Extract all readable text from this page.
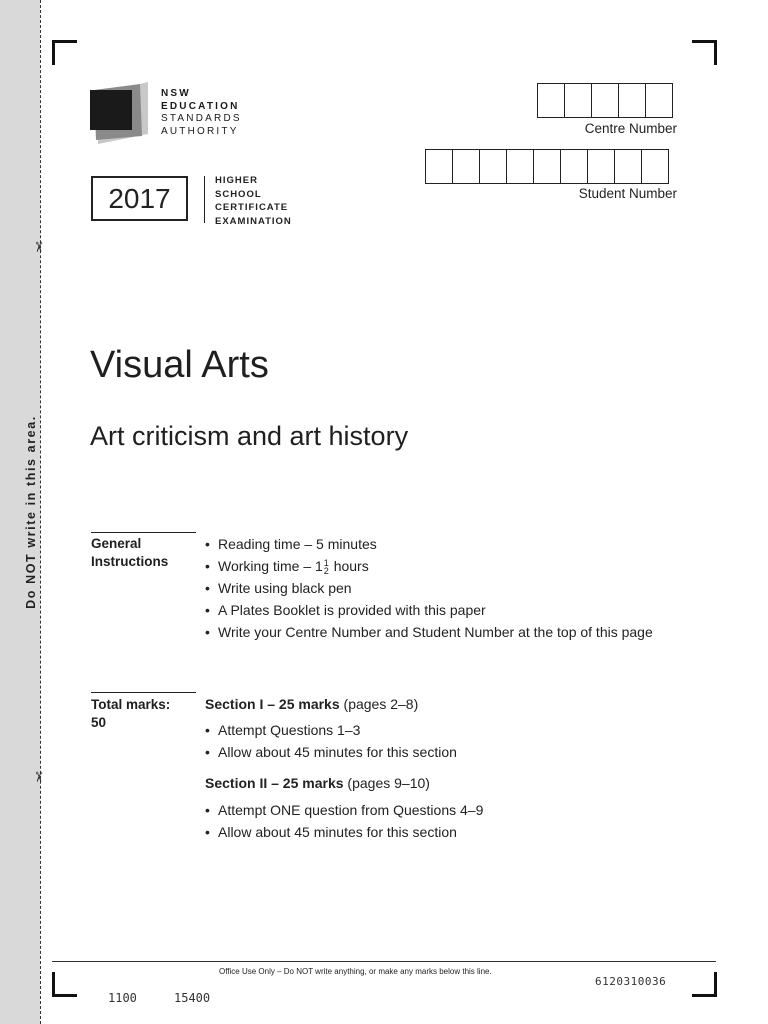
✂
✂
Do NOT write in this area.
NSW
EDUCATION
STANDARDS
AUTHORITY
2017
HIGHER
SCHOOL
CERTIFICATE
EXAMINATION
Centre Number
Student Number
Visual Arts
Art criticism and art history
General
Instructions
• Reading time – 5 minutes
• Working time – 1 1
2 hours
• Write using black pen
• A Plates Booklet is provided with this paper
• Write your Centre Number and Student Number at the top of this page
Total marks:
50
Section I – 25 marks (pages 2–8)
• Attempt Questions 1–3
• Allow about 45 minutes for this section
Section II – 25 marks (pages 9–10)
• Attempt ONE question from Questions 4–9
• Allow about 45 minutes for this section
Office Use Only – Do NOT write anything, or make any marks below this line.
6120310036
1100	15400
